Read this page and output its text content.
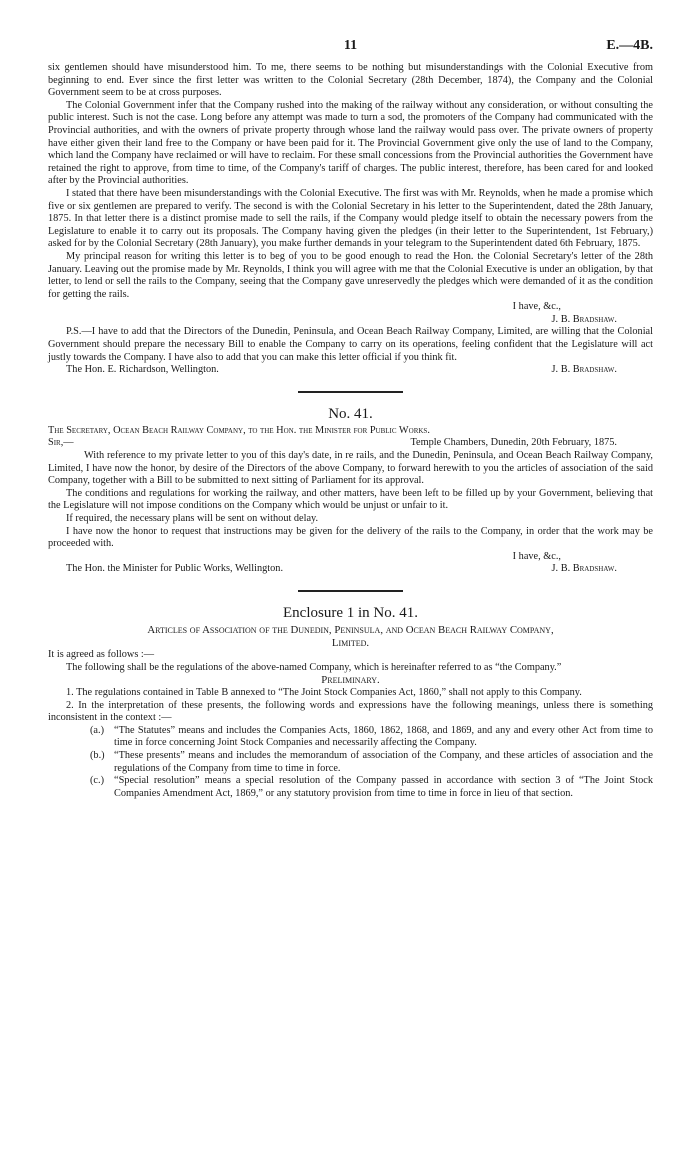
11	E.—4B.

six gentlemen should have misunderstood him. To me, there seems to be nothing but misunderstandings with the Colonial Executive from beginning to end. Ever since the first letter was written to the Colonial Secretary (28th December, 1874), the Company and the Colonial Government seem to be at cross purposes.

The Colonial Government infer that the Company rushed into the making of the railway without any consideration, or without consulting the public interest. Such is not the case. Long before any attempt was made to turn a sod, the promoters of the Company had communicated with the Provincial authorities, and with the owners of private property through whose land the railway would pass over. The private owners of property have either given their land free to the Company or have been paid for it. The Provincial Government give only the use of land to the Company, which land the Company have reclaimed or will have to reclaim. For these small concessions from the Provincial authorities the Government have retained the right to approve, from time to time, of the Company's tariff of charges. The public interest, therefore, has been cared for and looked after by the Provincial authorities.

I stated that there have been misunderstandings with the Colonial Executive. The first was with Mr. Reynolds, when he made a promise which five or six gentlemen are prepared to verify. The second is with the Colonial Secretary in his letter to the Superintendent, dated the 28th January, 1875. In that letter there is a distinct promise made to sell the rails, if the Company would pledge itself to obtain the necessary powers from the Legislature to enable it to carry out its proposals. The Company having given the pledges (in their letter to the Superintendent, 1st February,) asked for by the Colonial Secretary (28th January), you make further demands in your telegram to the Superintendent dated 6th February, 1875.

My principal reason for writing this letter is to beg of you to be good enough to read the Hon. the Colonial Secretary's letter of the 28th January. Leaving out the promise made by Mr. Reynolds, I think you will agree with me that the Colonial Executive is under an obligation, by that letter, to lend or sell the rails to the Company, seeing that the Company gave unreservedly the pledges which were demanded of it as the condition for getting the rails.

I have, &c.,

J. B. Bradshaw.

P.S.—I have to add that the Directors of the Dunedin, Peninsula, and Ocean Beach Railway Company, Limited, are willing that the Colonial Government should prepare the necessary Bill to enable the Company to carry on its operations, feeling confident that the Legislature will act justly towards the Company. I have also to add that you can make this letter official if you think fit.

The Hon. E. Richardson, Wellington.	J. B. Bradshaw.
No. 41.

The Secretary, Ocean Beach Railway Company, to the Hon. the Minister for Public Works.

Sir,—	Temple Chambers, Dunedin, 20th February, 1875.

With reference to my private letter to you of this day's date, in re rails, and the Dunedin, Peninsula, and Ocean Beach Railway Company, Limited, I have now the honor, by desire of the Directors of the above Company, to forward herewith to you the articles of association of the said Company, together with a Bill to be submitted to next sitting of Parliament for its approval.

The conditions and regulations for working the railway, and other matters, have been left to be filled up by your Government, believing that the Legislature will not impose conditions on the Company which would be unjust or unfair to it.

If required, the necessary plans will be sent on without delay.

I have now the honor to request that instructions may be given for the delivery of the rails to the Company, in order that the work may be proceeded with.

I have, &c.,

The Hon. the Minister for Public Works, Wellington.	J. B. Bradshaw.
Enclosure 1 in No. 41.
Articles of Association of the Dunedin, Peninsula, and Ocean Beach Railway Company,
Limited.

It is agreed as follows :—

The following shall be the regulations of the above-named Company, which is hereinafter referred to as “the Company.”

Preliminary.

1. The regulations contained in Table B annexed to “The Joint Stock Companies Act, 1860,” shall not apply to this Company.

2. In the interpretation of these presents, the following words and expressions have the following meanings, unless there is something inconsistent in the context :—

(a.) “The Statutes” means and includes the Companies Acts, 1860, 1862, 1868, and 1869, and any and every other Act from time to time in force concerning Joint Stock Companies and necessarily affecting the Company.
(b.) “These presents” means and includes the memorandum of association of the Company, and these articles of association and the regulations of the Company from time to time in force.
(c.) “Special resolution” means a special resolution of the Company passed in accordance with section 3 of “The Joint Stock Companies Amendment Act, 1869,” or any statutory provision from time to time in force in lieu of that section.
